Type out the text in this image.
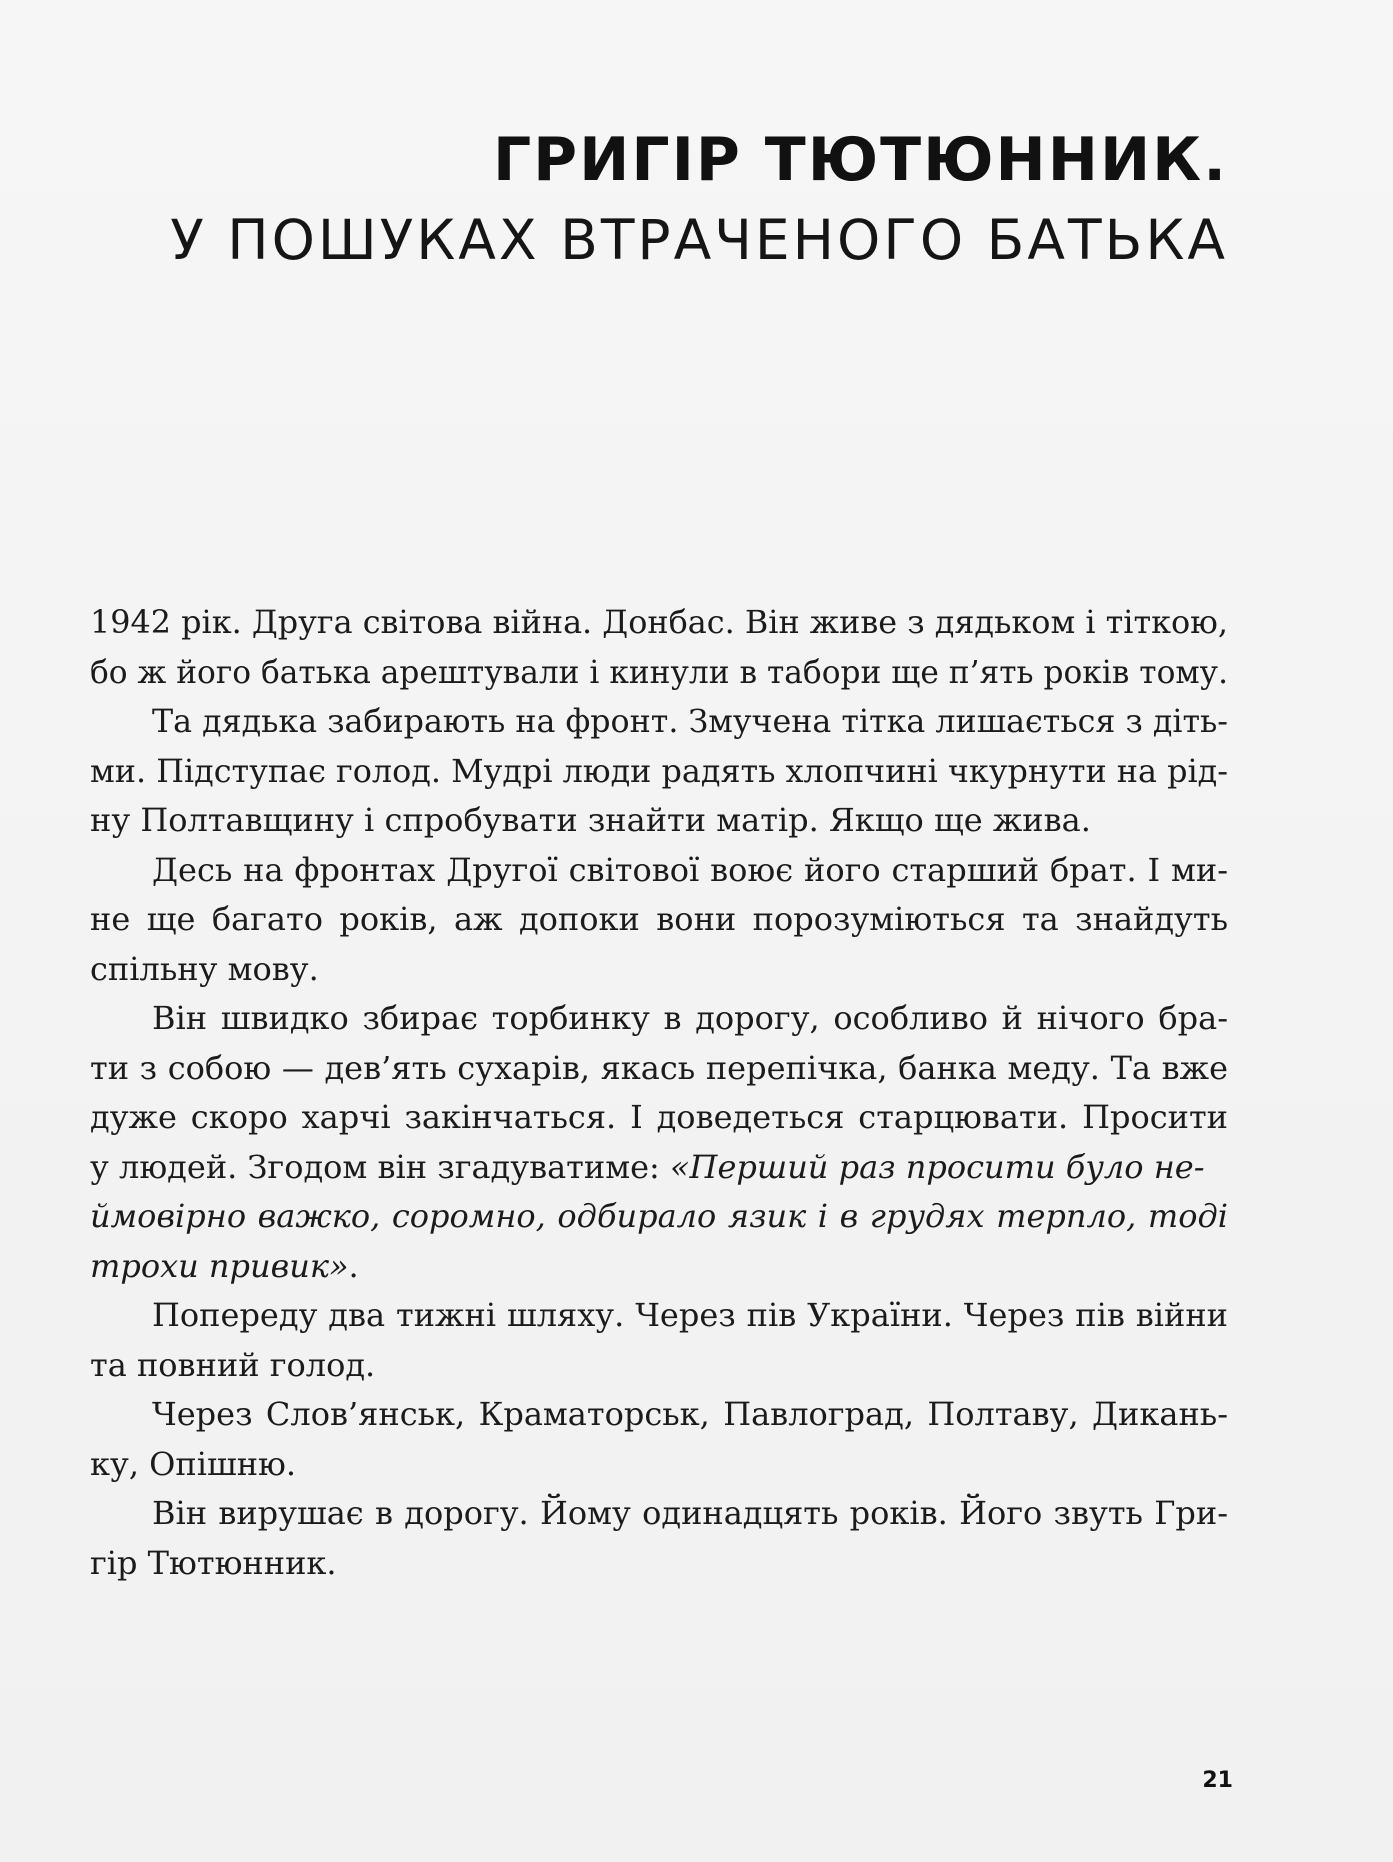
ГРИГІР ТЮТЮННИК.
У ПОШУКАХ ВТРАЧЕНОГО БАТЬКА

1942 рік. Друга світова війна. Донбас. Він живе з дядьком і тіткою,
бо ж його батька арештували і кинули в табори ще п’ять років тому.

Та дядька забирають на фронт. Змучена тітка лишається з діть-
ми. Підступає голод. Мудрі люди радять хлопчині чкурнути на рід-
ну Полтавщину і спробувати знайти матір. Якщо ще жива.

Десь на фронтах Другої світової воює його старший брат. І ми-
не ще багато років, аж допоки вони порозуміються та знайдуть
спільну мову.

Він швидко збирає торбинку в дорогу, особливо й нічого бра-
ти з собою — дев’ять сухарів, якась перепічка, банка меду. Та вже
дуже скоро харчі закінчаться. І доведеться старцювати. Просити
у людей. Згодом він згадуватиме: «Перший раз просити було не-
ймовірно важко, соромно, одбирало язик і в грудях терпло, тоді
трохи привик».

Попереду два тижні шляху. Через пів України. Через пів війни
та повний голод.

Через Слов’янськ, Краматорськ, Павлоград, Полтаву, Дикань-
ку, Опішню.

Він вирушає в дорогу. Йому одинадцять років. Його звуть Гри-
гір Тютюнник.

21
